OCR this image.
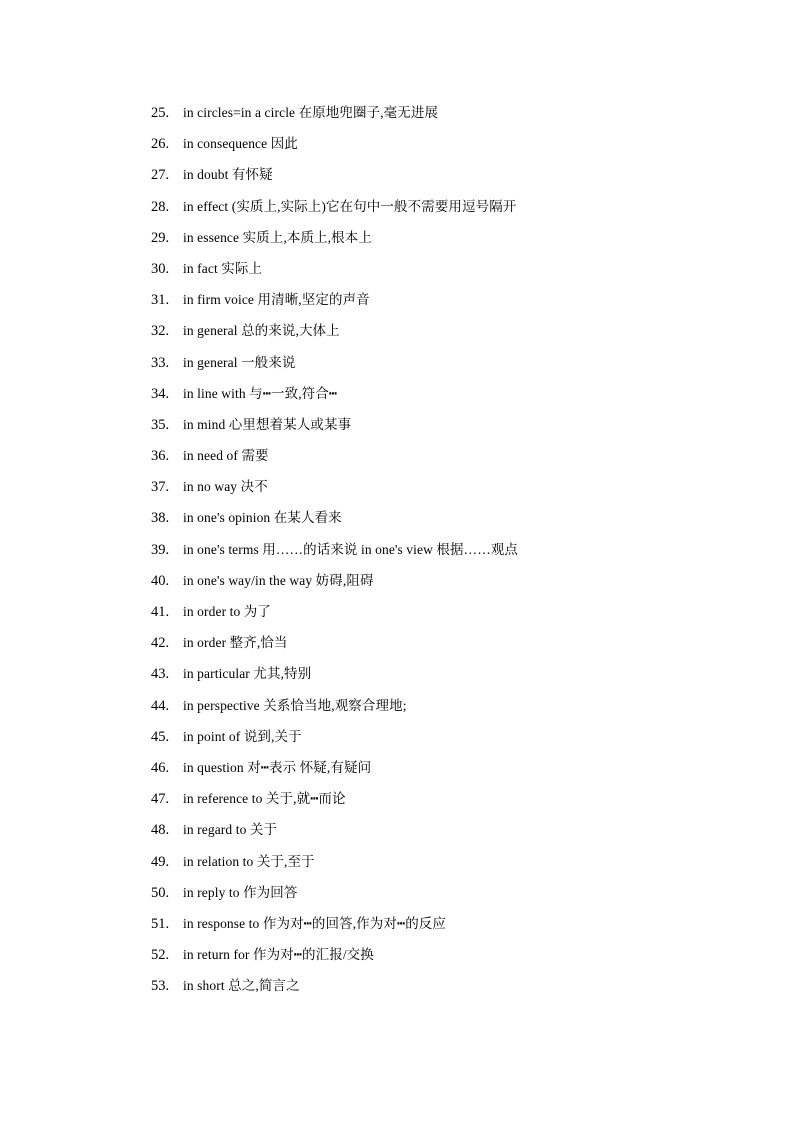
25.	in circles=in a circle 在原地兜圈子,毫无进展
26.	in consequence 因此
27.	in doubt 有怀疑
28.	in effect (实质上,实际上)它在句中一般不需要用逗号隔开
29.	in essence 实质上,本质上,根本上
30.	in fact 实际上
31.	in firm voice 用清晰,坚定的声音
32.	in general 总的来说,大体上
33.	in general 一般来说
34.	in line with 与┅一致,符合┅
35.	in mind 心里想着某人或某事
36.	in need of 需要
37.	in no way 决不
38.	in one's opinion 在某人看来
39.	in one's terms 用……的话来说 in one's view 根据……观点
40.	in one's way/in the way 妨碍,阻碍
41.	in order to 为了
42.	in order 整齐,恰当
43.	in particular 尤其,特别
44.	in perspective 关系恰当地,观察合理地;
45.	in point of 说到,关于
46.	in question 对┅表示 怀疑,有疑问
47.	in reference to 关于,就┅而论
48.	in regard to 关于
49.	in relation to 关于,至于
50.	in reply to 作为回答
51.	in response to 作为对┅的回答,作为对┅的反应
52.	in return for 作为对┅的汇报/交换
53.	in short 总之,简言之
